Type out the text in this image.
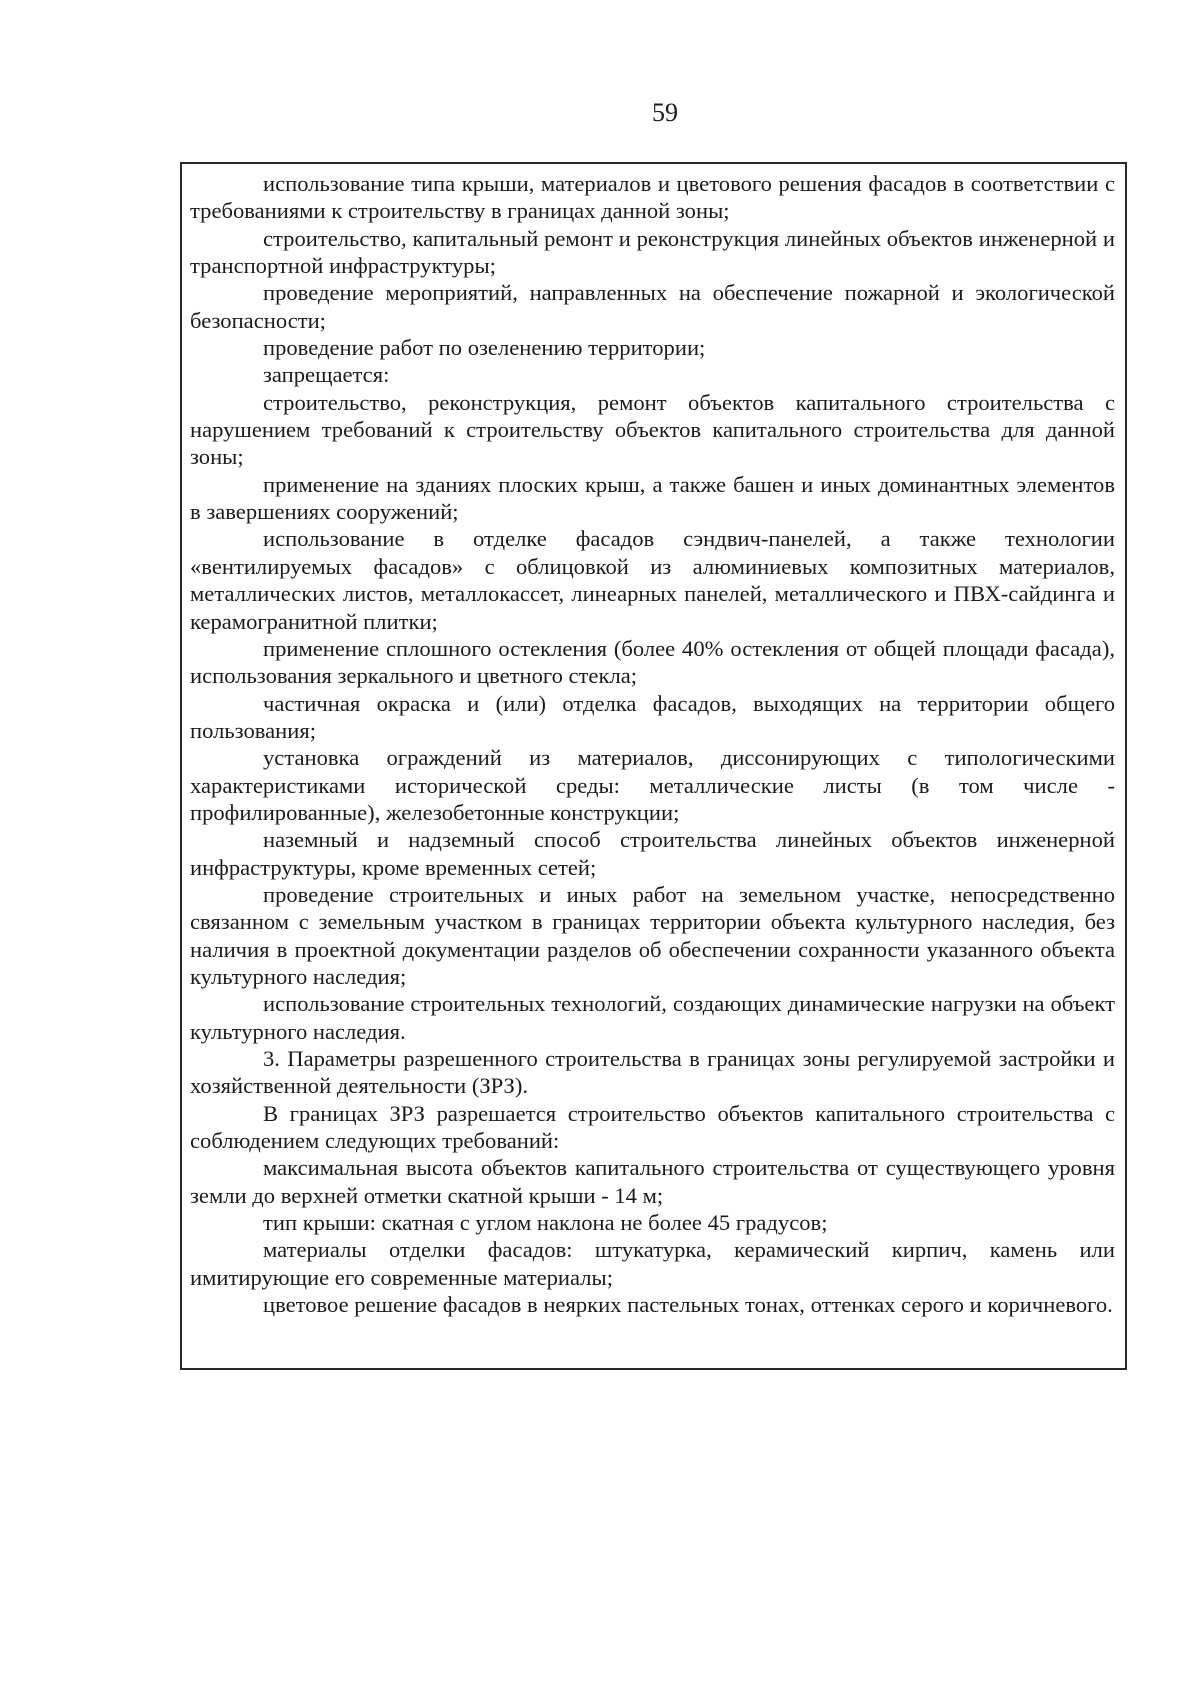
59

использование типа крыши, материалов и цветового решения фасадов в соответствии с требованиями к строительству в границах данной зоны;

строительство, капитальный ремонт и реконструкция линейных объектов инженерной и транспортной инфраструктуры;

проведение мероприятий, направленных на обеспечение пожарной и экологической безопасности;

проведение работ по озеленению территории;

запрещается:

строительство, реконструкция, ремонт объектов капитального строительства с нарушением требований к строительству объектов капитального строительства для данной зоны;

применение на зданиях плоских крыш, а также башен и иных доминантных элементов в завершениях сооружений;

использование в отделке фасадов сэндвич-панелей, а также технологии «вентилируемых фасадов» с облицовкой из алюминиевых композитных материалов, металлических листов, металлокассет, линеарных панелей, металлического и ПВХ-сайдинга и керамогранитной плитки;

применение сплошного остекления (более 40% остекления от общей площади фасада), использования зеркального и цветного стекла;

частичная окраска и (или) отделка фасадов, выходящих на территории общего пользования;

установка ограждений из материалов, диссонирующих с типологическими характеристиками исторической среды: металлические листы (в том числе - профилированные), железобетонные конструкции;

наземный и надземный способ строительства линейных объектов инженерной инфраструктуры, кроме временных сетей;

проведение строительных и иных работ на земельном участке, непосредственно связанном с земельным участком в границах территории объекта культурного наследия, без наличия в проектной документации разделов об обеспечении сохранности указанного объекта культурного наследия;

использование строительных технологий, создающих динамические нагрузки на объект культурного наследия.

3. Параметры разрешенного строительства в границах зоны регулируемой застройки и хозяйственной деятельности (ЗРЗ).

В границах ЗРЗ разрешается строительство объектов капитального строительства с соблюдением следующих требований:

максимальная высота объектов капитального строительства от существующего уровня земли до верхней отметки скатной крыши - 14 м;

тип крыши: скатная с углом наклона не более 45 градусов;

материалы отделки фасадов: штукатурка, керамический кирпич, камень или имитирующие его современные материалы;

цветовое решение фасадов в неярких пастельных тонах, оттенках серого и коричневого.
